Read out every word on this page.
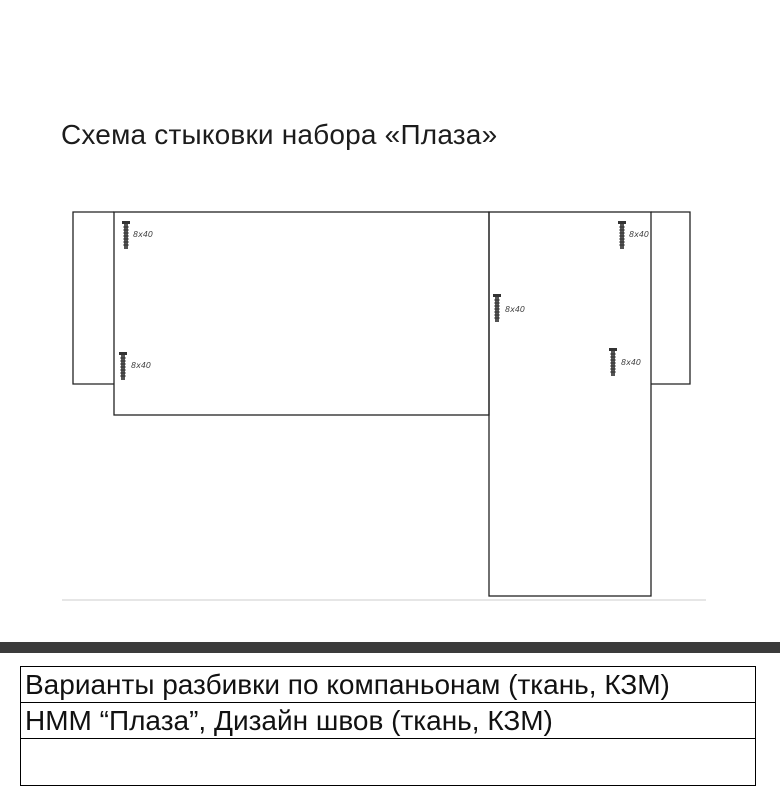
Схема стыковки набора «Плаза»
8x40
8x40
8x40
8x40
8x40
Варианты разбивки по компаньонам (ткань, КЗМ)
НММ “Плаза”, Дизайн швов (ткань, КЗМ)
